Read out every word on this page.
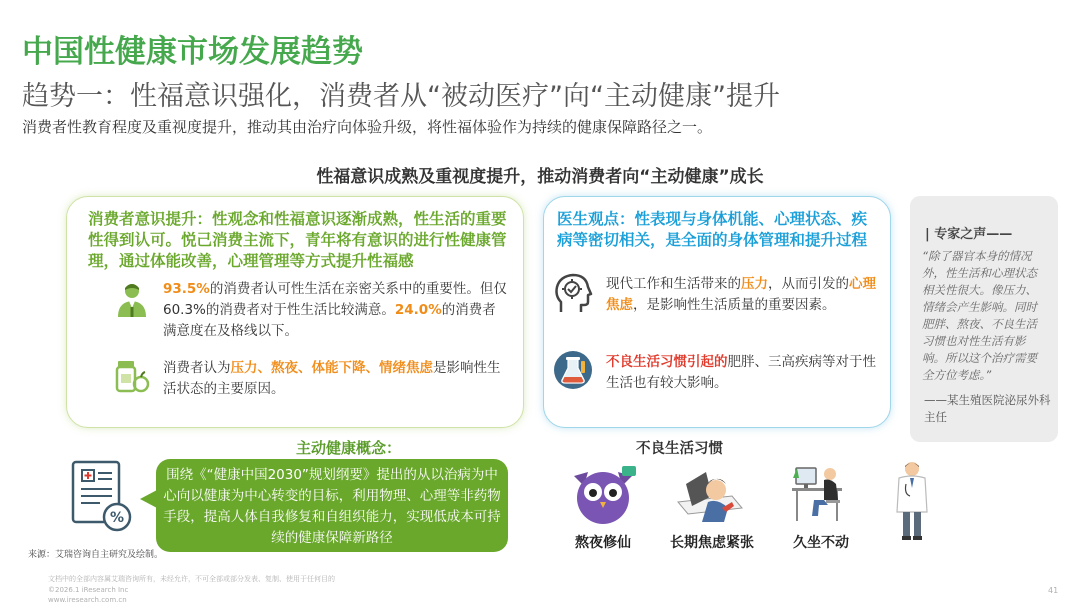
中国性健康市场发展趋势
趋势一：性福意识强化，消费者从“被动医疗”向“主动健康”提升
消费者性教育程度及重视度提升，推动其由治疗向体验升级，将性福体验作为持续的健康保障路径之一。
性福意识成熟及重视度提升，推动消费者向“主动健康”成长
消费者意识提升：性观念和性福意识逐渐成熟，性生活的重要性得到认可。悦己消费主流下，青年将有意识的进行性健康管理，通过体能改善，心理管理等方式提升性福感
93.5%的消费者认可性生活在亲密关系中的重要性。但仅60.3%的消费者对于性生活比较满意。24.0%的消费者满意度在及格线以下。
消费者认为压力、熬夜、体能下降、情绪焦虑是影响性生活状态的主要原因。
医生观点：性表现与身体机能、心理状态、疾病等密切相关，是全面的身体管理和提升过程
现代工作和生活带来的压力，从而引发的心理焦虑，是影响性生活质量的重要因素。
不良生活习惯引起的肥胖、三高疾病等对于性生活也有较大影响。
| 专家之声——
“除了器官本身的情况外，性生活和心理状态相关性很大。像压力、情绪会产生影响。同时肥胖、熬夜、不良生活习惯也对性生活有影响。所以这个治疗需要全方位考虑。”
——某生殖医院泌尿外科主任
主动健康概念：
%
围绕《“健康中国2030”规划纲要》提出的从以治病为中心向以健康为中心转变的目标，利用物理、心理等非药物手段，提高人体自我修复和自组织能力，实现低成本可持续的健康保障新路径
不良生活习惯
熬夜修仙	长期焦虑紧张	久坐不动
来源：艾瑞咨询自主研究及绘制。
文档中的全部内容属艾瑞咨询所有，未经允许，不可全部或部分发表、复制、使用于任何目的
©2026.1 iResearch Inc
www.iresearch.com.cn
41
